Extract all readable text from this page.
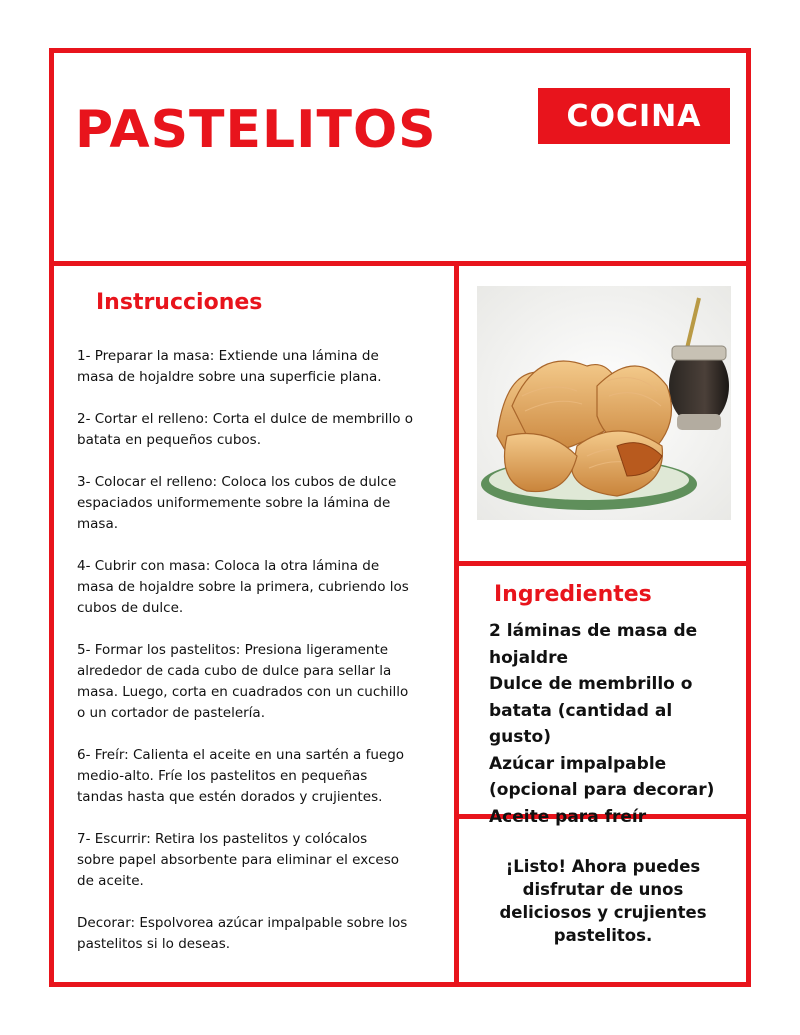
PASTELITOS	COCINA
Instrucciones

1- Preparar la masa: Extiende una lámina de
masa de hojaldre sobre una superficie plana.

2- Cortar el relleno: Corta el dulce de membrillo o
batata en pequeños cubos.

3- Colocar el relleno: Coloca los cubos de dulce
espaciados uniformemente sobre la lámina de
masa.

4- Cubrir con masa: Coloca la otra lámina de
masa de hojaldre sobre la primera, cubriendo los
cubos de dulce.

5- Formar los pastelitos: Presiona ligeramente
alrededor de cada cubo de dulce para sellar la
masa. Luego, corta en cuadrados con un cuchillo
o un cortador de pastelería.

6- Freír: Calienta el aceite en una sartén a fuego
medio-alto. Fríe los pastelitos en pequeñas
tandas hasta que estén dorados y crujientes.

7- Escurrir: Retira los pastelitos y colócalos
sobre papel absorbente para eliminar el exceso
de aceite.

Decorar: Espolvorea azúcar impalpable sobre los
pastelitos si lo deseas.

Ingredientes

2 láminas de masa de
hojaldre

Dulce de membrillo o
batata (cantidad al gusto)

Azúcar impalpable
(opcional para decorar)

Aceite para freír

¡Listo! Ahora puedes
disfrutar de unos
deliciosos y crujientes
pastelitos.
